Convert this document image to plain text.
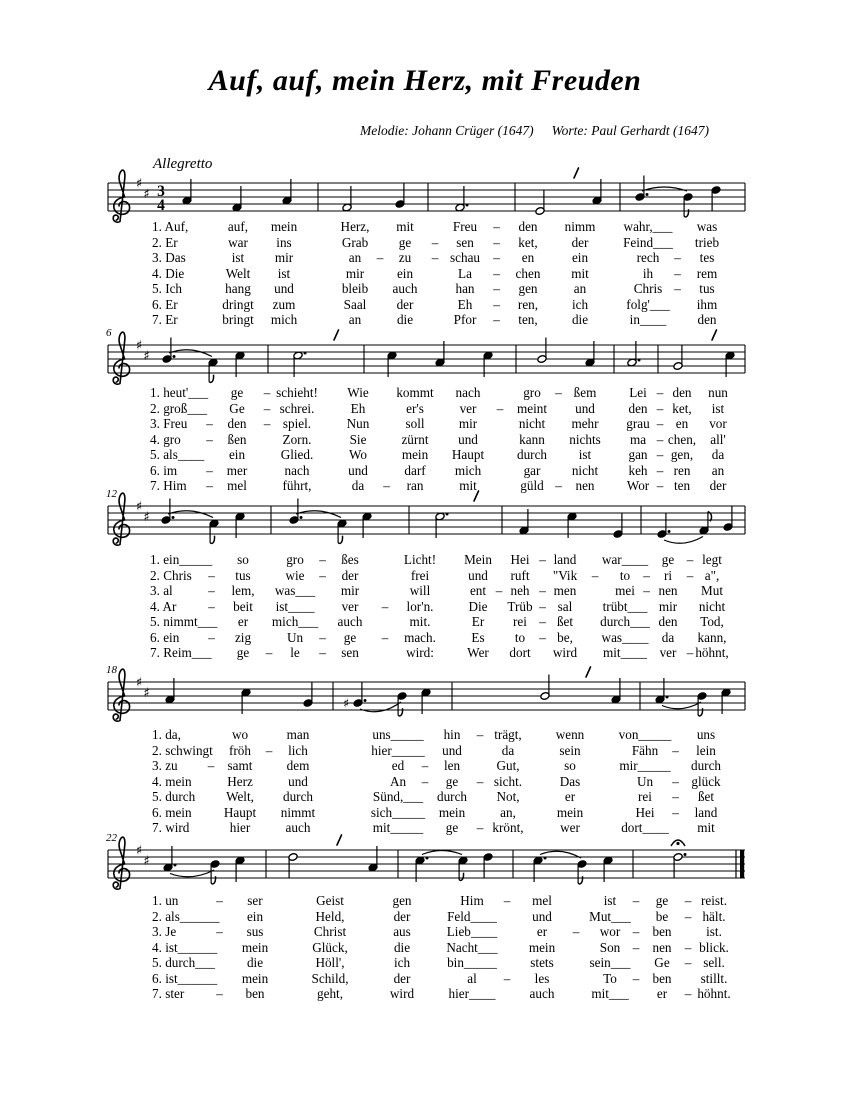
Auf, auf, mein Herz, mit Freuden
Melodie: Johann Crüger (1647) Worte: Paul Gerhardt (1647)
Allegretto
♯
♯ 3
4
6
♯
♯
12
♯
♯
18
♯
♯
♯
22
♯
♯
1. Auf,	auf, mein	Herz, mit	Freu – den nimm wahr,___ was
2. Er	war ins	Grab ge – sen – ket,	der	Feind___ trieb
3. Das	ist mir	an – zu – schau – en	ein	rech – tes
4. Die	Welt ist	mir ein	La – chen mit	ih – rem
5. Ich	hang und	bleib auch	han – gen	an	Chris – tus
6. Er	dringt zum	Saal der	Eh – ren,	ich	folg'___ ihm
7. Er	bringt mich	an	die	Pfor – ten,	die	in____ den
1. heut'___ ge – schieht! Wie kommt nach	gro – ßem Lei – den nun
2. groß___ Ge – schrei.	Eh	er's	ver – meint und	den – ket, ist
3. Freu – den – spiel.	Nun	soll	mir	nicht mehr grau – en vor
4. gro – ßen	Zorn.	Sie	zürnt und	kann nichts ma – chen, all'
5. als____ ein	Glied.	Wo	mein Haupt durch ist	gan – gen, da
6. im – mer	nach	und	darf mich	gar nicht keh – ren an
7. Him – mel	führt,	da – ran	mit	güld – nen Wor – ten der
1. ein_____ so	gro – ßes	Licht! Mein Hei – land war____ ge – legt
2. Chris – tus	wie – der	frei	und ruft "Vik – to – ri – a",
3. al	– lem, was___ mir	will	ent – neh – men	mei – nen Mut
4. Ar – beit ist____ ver – lor'n.	Die Trüb – sal trübt___ mir nicht
5. nimmt___ er mich___ auch	mit.	Er rei – ßet durch___ den Tod,
6. ein – zig	Un – ge – mach.	Es to – be, was____ da kann,
7. Reim___ ge – le – sen	wird:	Wer dort wird mit____ ver – höhnt,
1. da,	wo	man	uns_____ hin – trägt,	wenn	von_____ uns
2. schwingt fröh – lich	hier_____ und	da	sein	Fähn – lein
3. zu – samt	dem	ed – len	Gut,	so	mir_____ durch
4. mein	Herz	und	An – ge – sicht.	Das	Un – glück
5. durch Welt, durch	Sünd,___ durch Not,	er	rei – ßet
6. mein Haupt nimmt	sich_____ mein	an,	mein	Hei – land
7. wird	hier	auch	mit_____ ge – krönt,	wer	dort____ mit
1. un	– ser	Geist	gen	Him – mel	ist – ge – reist.
2. als______ ein	Held,	der	Feld____	und	Mut___ be – hält.
3. Je	– sus	Christ	aus	Lieb____	er – wor – ben	ist.
4. ist______ mein	Glück,	die	Nacht___ mein	Son – nen – blick.
5. durch___ die	Höll',	ich	bin_____	stets	sein___ Ge – sell.
6. ist______ mein	Schild,	der	al – les	To – ben stillt.
7. ster – ben	geht,	wird	hier____	auch	mit___ er – höhnt.
